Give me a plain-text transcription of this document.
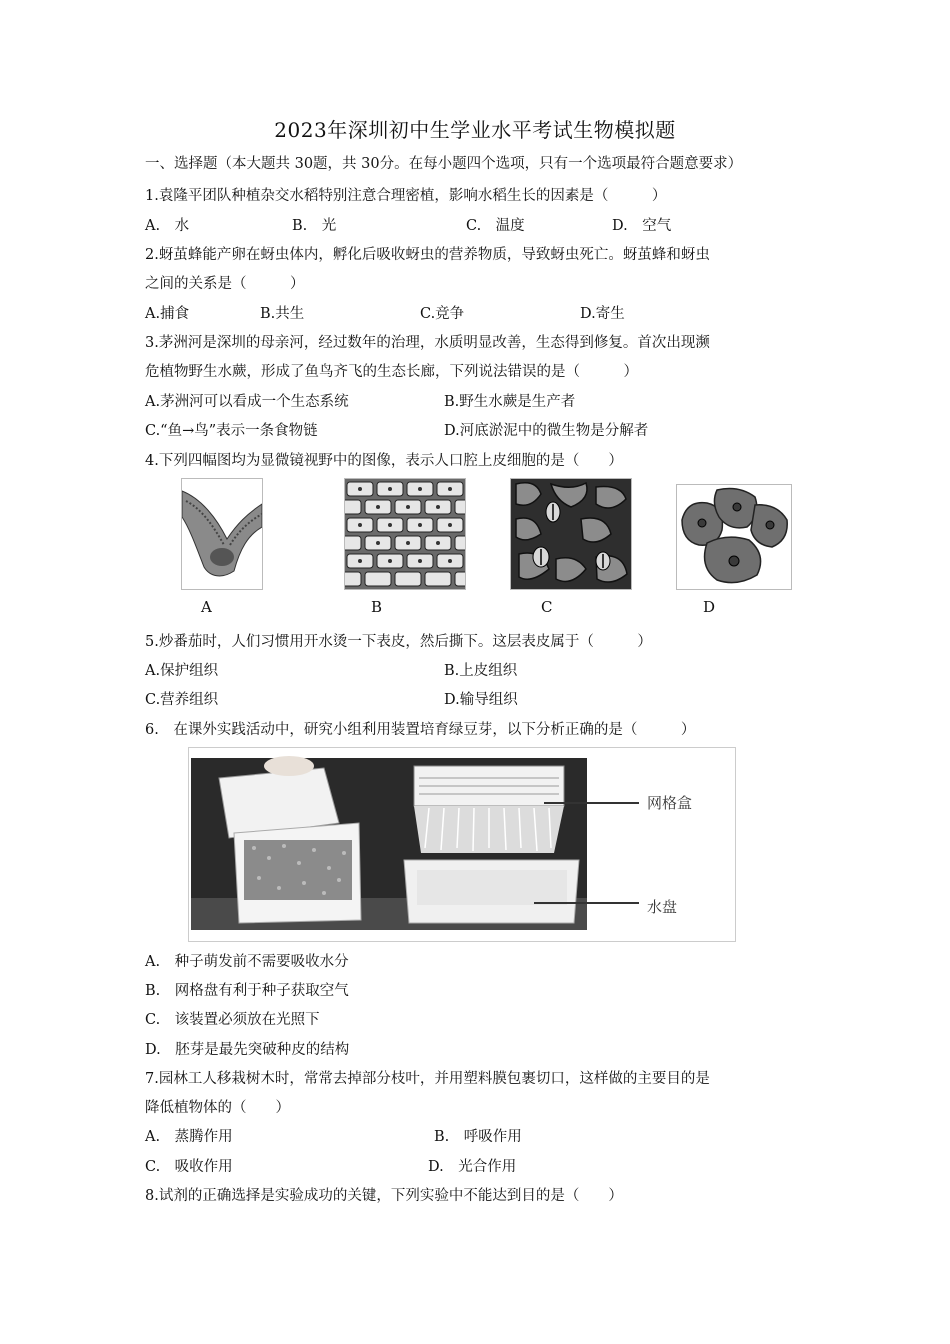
2023年深圳初中生学业水平考试生物模拟题
一、选择题（本大题共 30题，共 30分。在每小题四个选项，只有一个选项最符合题意要求）
1.袁隆平团队种植杂交水稻特别注意合理密植，影响水稻生长的因素是（　　　）
A.　水	B.　光	C.　温度	D.　空气
2.蚜茧蜂能产卵在蚜虫体内，孵化后吸收蚜虫的营养物质，导致蚜虫死亡。蚜茧蜂和蚜虫
之间的关系是（　　　）
A.捕食	B.共生	C.竞争	D.寄生
3.茅洲河是深圳的母亲河，经过数年的治理，水质明显改善，生态得到修复。首次出现濒
危植物野生水蕨，形成了鱼鸟齐飞的生态长廊，下列说法错误的是（　　　）
A.茅洲河可以看成一个生态系统	B.野生水蕨是生产者
C.“鱼→鸟”表示一条食物链	D.河底淤泥中的微生物是分解者
4.下列四幅图均为显微镜视野中的图像，表示人口腔上皮细胞的是（　　）
A	B	C	D
5.炒番茄时，人们习惯用开水烫一下表皮，然后撕下。这层表皮属于（　　　）
A.保护组织	B.上皮组织
C.营养组织	D.输导组织
6.　在课外实践活动中，研究小组利用装置培育绿豆芽，以下分析正确的是（　　　）
网格盒
水盘
A.　种子萌发前不需要吸收水分
B.　网格盘有利于种子获取空气
C.　该装置必须放在光照下
D.　胚芽是最先突破种皮的结构
7.园林工人移栽树木时，常常去掉部分枝叶，并用塑料膜包裹切口，这样做的主要目的是
降低植物体的（　　）
A.　蒸腾作用	B.　呼吸作用
C.　吸收作用	D.　光合作用
8.试剂的正确选择是实验成功的关键，下列实验中不能达到目的是（　　）
